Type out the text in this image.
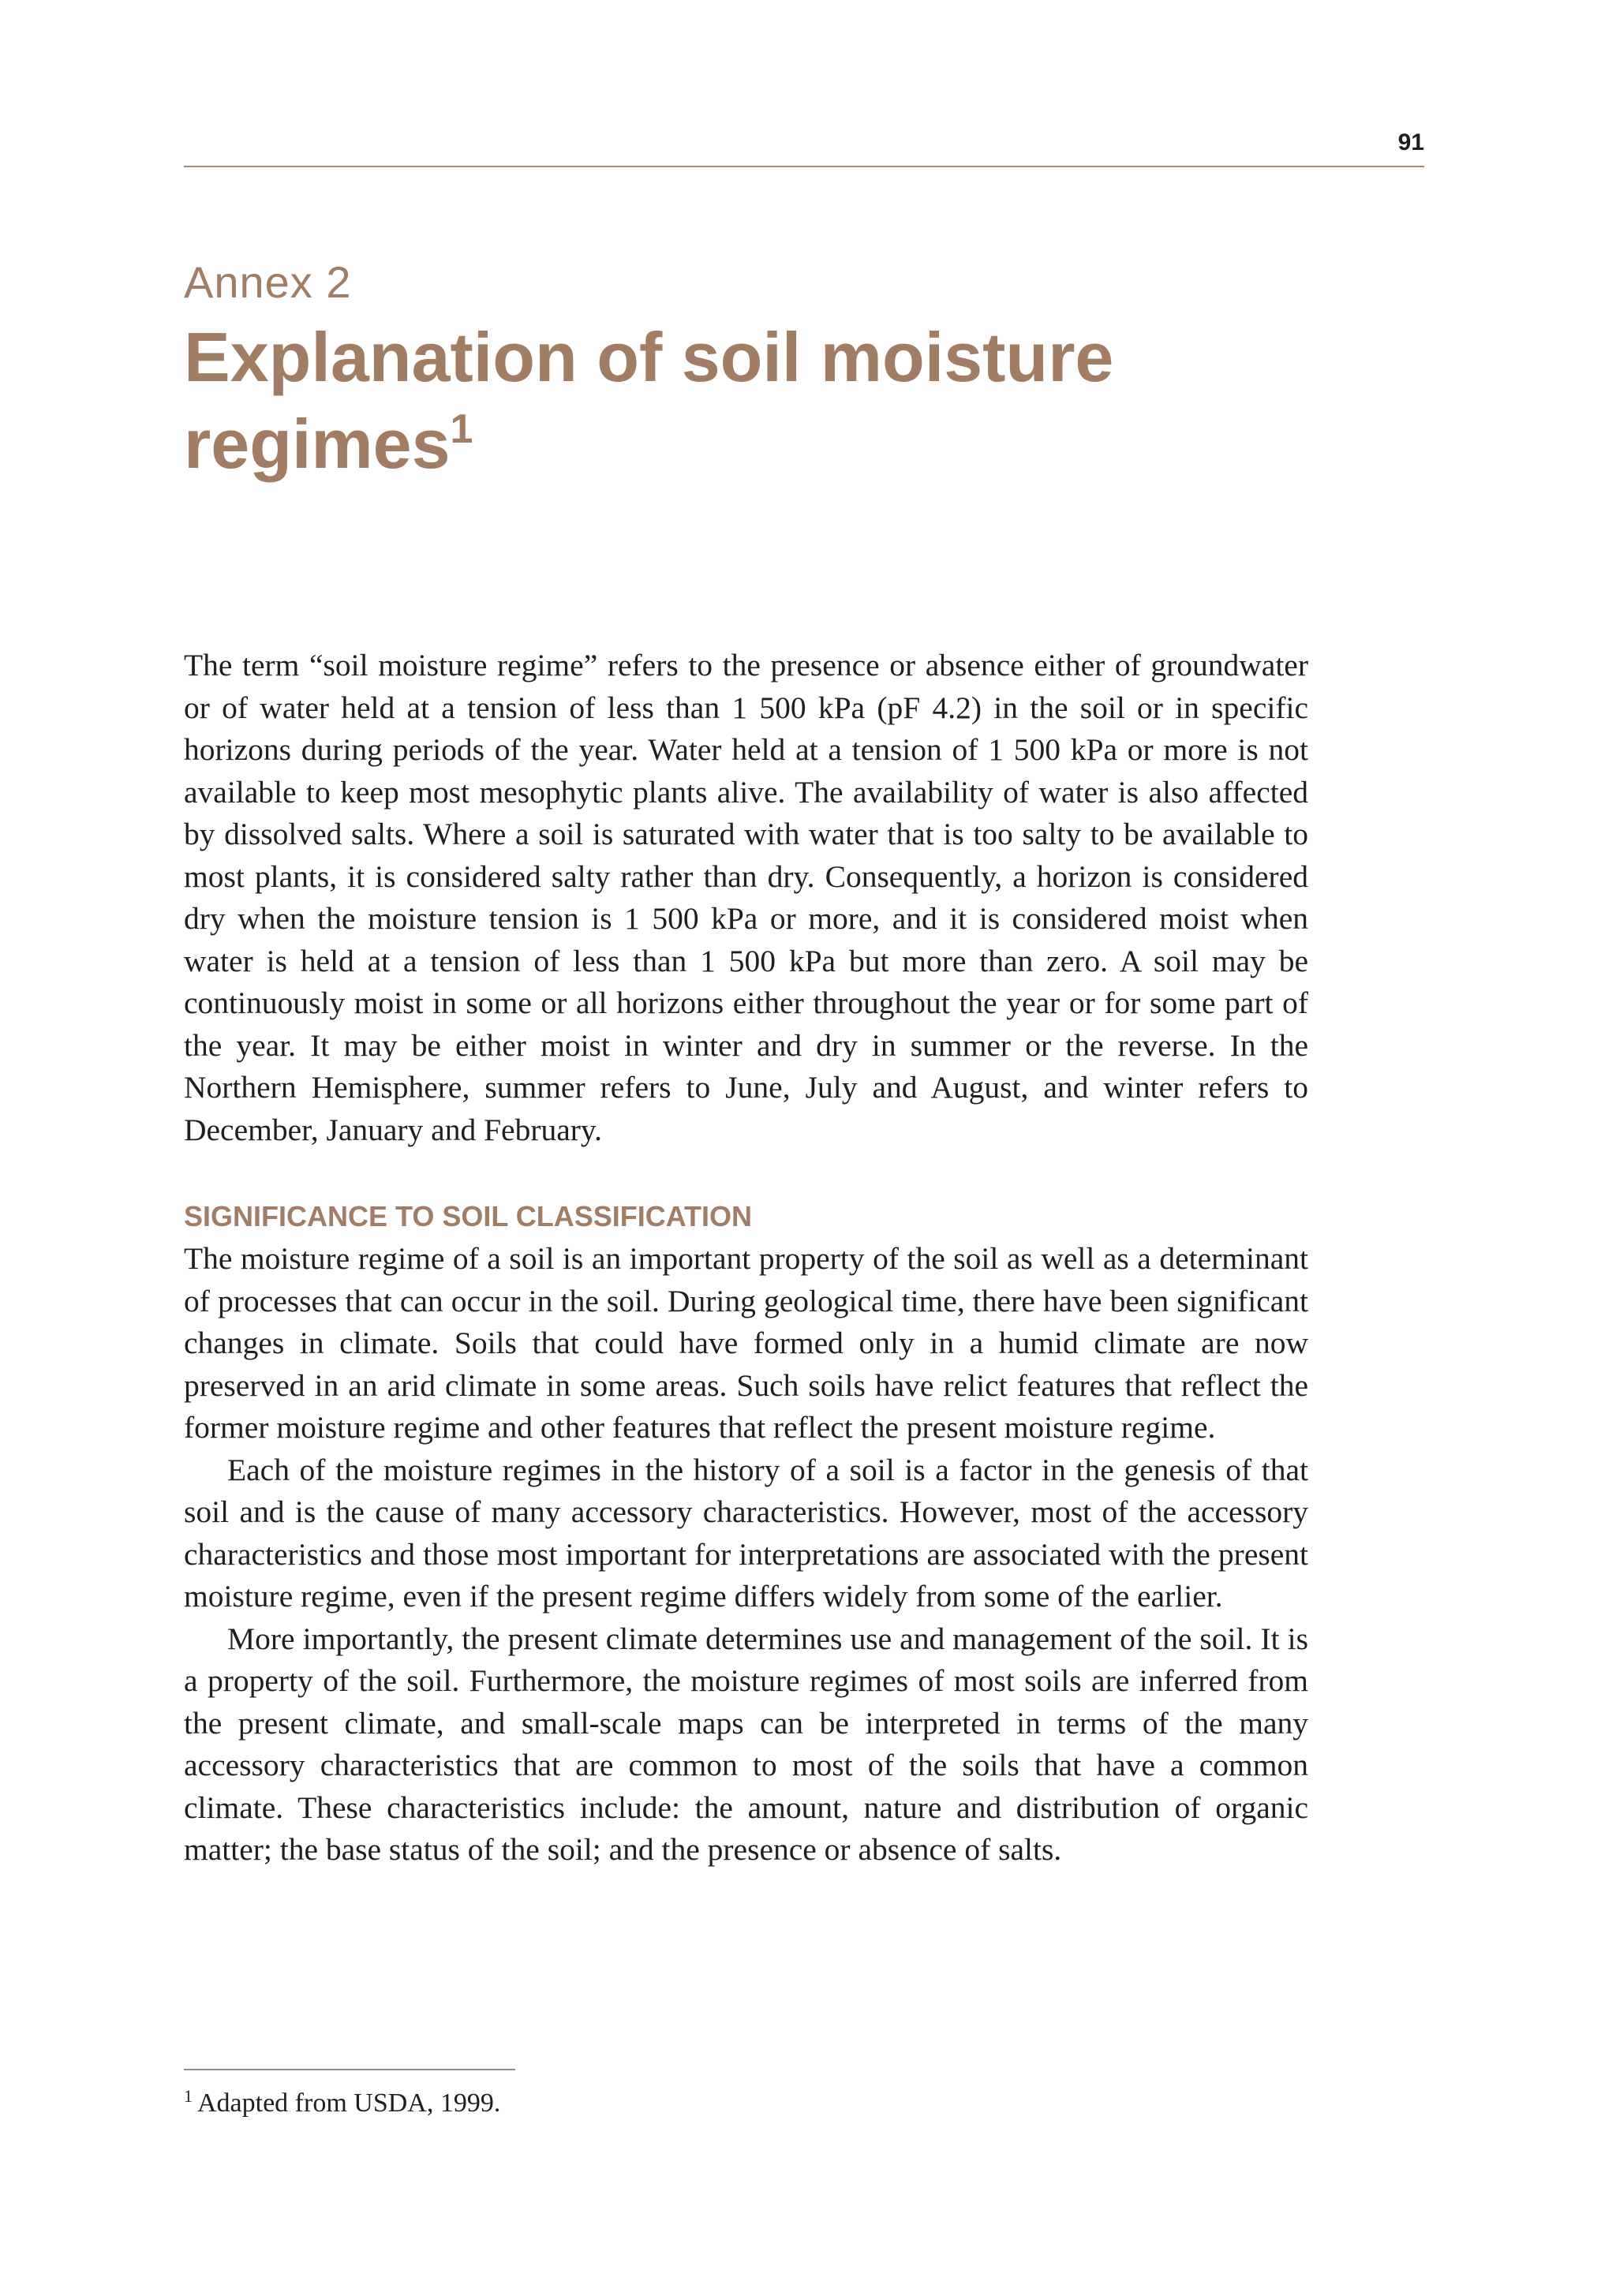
91
Annex 2
Explanation of soil moisture regimes$^1$

The term “soil moisture regime” refers to the presence or absence either of groundwater or of water held at a tension of less than 1 500 kPa (pF 4.2) in the soil or in specific horizons during periods of the year. Water held at a tension of 1 500 kPa or more is not available to keep most mesophytic plants alive. The availability of water is also affected by dissolved salts. Where a soil is saturated with water that is too salty to be available to most plants, it is considered salty rather than dry. Consequently, a horizon is considered dry when the moisture tension is 1 500 kPa or more, and it is considered moist when water is held at a tension of less than 1 500 kPa but more than zero. A soil may be continuously moist in some or all horizons either throughout the year or for some part of the year. It may be either moist in winter and dry in summer or the reverse. In the Northern Hemisphere, summer refers to June, July and August, and winter refers to December, January and February.

SIGNIFICANCE TO SOIL CLASSIFICATION

The moisture regime of a soil is an important property of the soil as well as a determinant of processes that can occur in the soil. During geological time, there have been significant changes in climate. Soils that could have formed only in a humid climate are now preserved in an arid climate in some areas. Such soils have relict features that reflect the former moisture regime and other features that reflect the present moisture regime.

Each of the moisture regimes in the history of a soil is a factor in the genesis of that soil and is the cause of many accessory characteristics. However, most of the accessory characteristics and those most important for interpretations are associated with the present moisture regime, even if the present regime differs widely from some of the earlier.

More importantly, the present climate determines use and management of the soil. It is a property of the soil. Furthermore, the moisture regimes of most soils are inferred from the present climate, and small-scale maps can be interpreted in terms of the many accessory characteristics that are common to most of the soils that have a common climate. These characteristics include: the amount, nature and distribution of organic matter; the base status of the soil; and the presence or absence of salts.

$^1$ Adapted from USDA, 1999.
